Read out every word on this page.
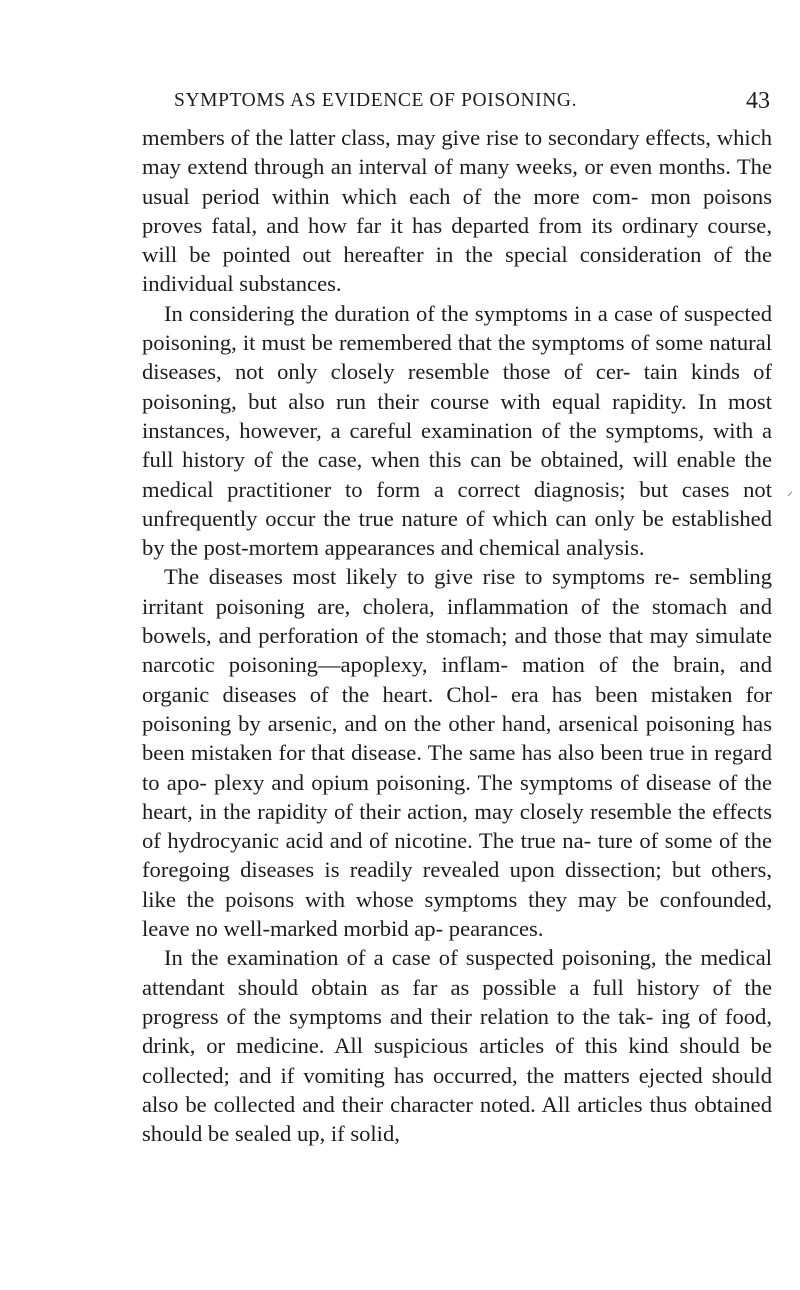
SYMPTOMS AS EVIDENCE OF POISONING.	43

members of the latter class, may give rise to secondary effects, which may extend through an interval of many weeks, or even months. The usual period within which each of the more com- mon poisons proves fatal, and how far it has departed from its ordinary course, will be pointed out hereafter in the special consideration of the individual substances.

In considering the duration of the symptoms in a case of suspected poisoning, it must be remembered that the symptoms of some natural diseases, not only closely resemble those of cer- tain kinds of poisoning, but also run their course with equal rapidity. In most instances, however, a careful examination of the symptoms, with a full history of the case, when this can be obtained, will enable the medical practitioner to form a correct diagnosis; but cases not unfrequently occur the true nature of which can only be established by the post-mortem appearances and chemical analysis.

The diseases most likely to give rise to symptoms re- sembling irritant poisoning are, cholera, inflammation of the stomach and bowels, and perforation of the stomach; and those that may simulate narcotic poisoning—apoplexy, inflam- mation of the brain, and organic diseases of the heart. Chol- era has been mistaken for poisoning by arsenic, and on the other hand, arsenical poisoning has been mistaken for that disease. The same has also been true in regard to apo- plexy and opium poisoning. The symptoms of disease of the heart, in the rapidity of their action, may closely resemble the effects of hydrocyanic acid and of nicotine. The true na- ture of some of the foregoing diseases is readily revealed upon dissection; but others, like the poisons with whose symptoms they may be confounded, leave no well-marked morbid ap- pearances.

In the examination of a case of suspected poisoning, the medical attendant should obtain as far as possible a full history of the progress of the symptoms and their relation to the tak- ing of food, drink, or medicine. All suspicious articles of this kind should be collected; and if vomiting has occurred, the matters ejected should also be collected and their character noted. All articles thus obtained should be sealed up, if solid,

⸝
